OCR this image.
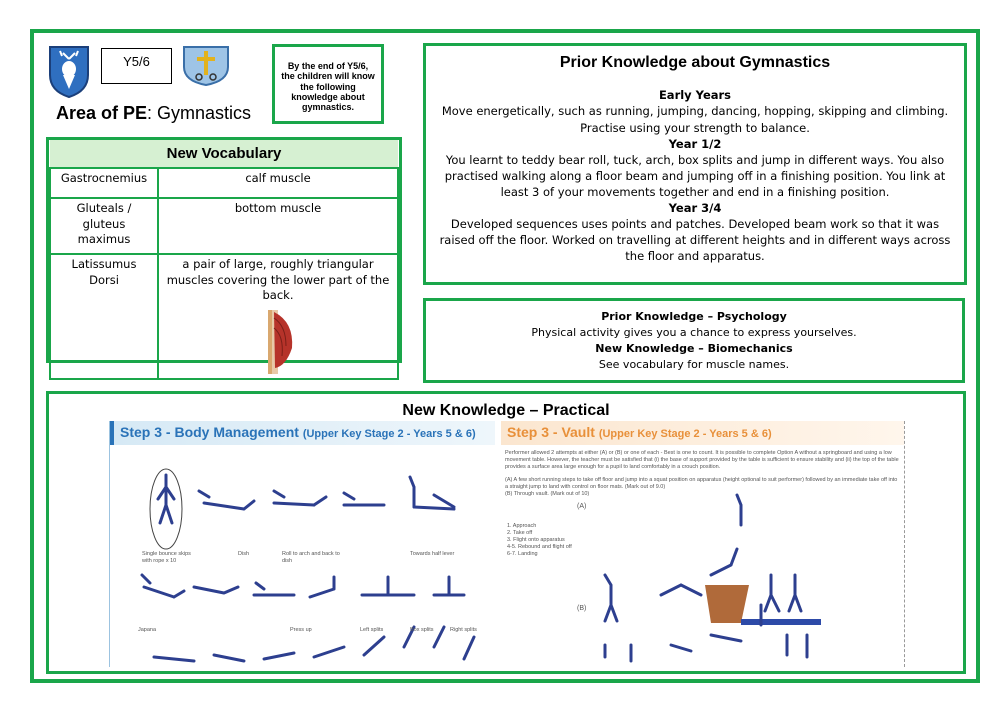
Y5/6
Area of PE: Gymnastics
By the end of Y5/6, the children will know the following knowledge about gymnastics.
New Vocabulary	
Gastrocnemius	calf muscle
Gluteals / gluteus maximus	bottom muscle
Latissumus Dorsi	a pair of large, roughly triangular muscles covering the lower part of the back.
Prior Knowledge about Gymnastics
Early Years
Move energetically, such as running, jumping, dancing, hopping, skipping and climbing. Practise using your strength to balance.
Year 1/2
You learnt to teddy bear roll, tuck, arch, box splits and jump in different ways. You also practised walking along a floor beam and jumping off in a finishing position. You link at least 3 of your movements together and end in a finishing position.
Year 3/4
Developed sequences uses points and patches. Developed beam work so that it was raised off the floor. Worked on travelling at different heights and in different ways across the floor and apparatus.
Prior Knowledge – Psychology
Physical activity gives you a chance to express yourselves.
New Knowledge – Biomechanics
See vocabulary for muscle names.
New Knowledge – Practical
Step 3 - Body Management (Upper Key Stage 2 - Years 5 & 6)
Single bounce skips with rope x 10
Dish	Roll to arch and back to dish
Towards half lever
Japana	Press up	Left splits	Box splits	Right splits
Step 3 - Vault (Upper Key Stage 2 - Years 5 & 6)
Performer allowed 2 attempts at either (A) or (B) or one of each - Best is one to count. It is possible to complete Option A without a springboard and using a low movement table. However, the teacher must be satisfied that (i) the base of support provided by the table is sufficient to ensure stability and (ii) the top of the table provides a surface area large enough for a pupil to land comfortably in a crouch position.
(A) A few short running steps to take off floor and jump into a squat position on apparatus (height optional to suit performer) followed by an immediate take off into a straight jump to land with control on floor mats. (Mark out of 9.0)
(B) Through vault. (Mark out of 10)
(A)
1. Approach
2. Take off
3. Flight onto apparatus
4-5. Rebound and flight off
6-7. Landing
(B)
